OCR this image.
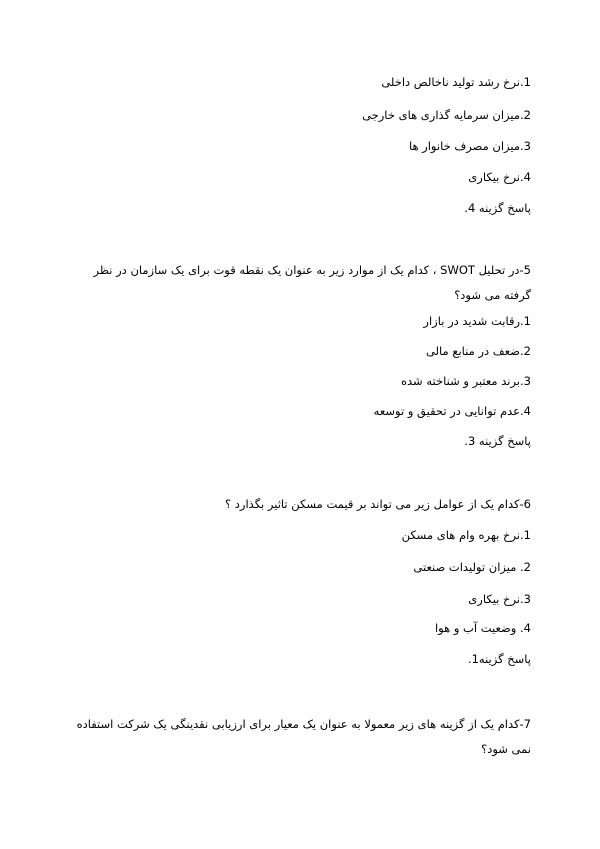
1.نرخ رشد تولید ناخالص داخلی
2.میزان سرمایه گذاری های خارجی
3.میزان مصرف خانوار ها
4.نرخ بیکاری
پاسخ گزینه 4.
5-در تحلیل SWOT ، کدام یک از موارد زیر به عنوان یک نقطه قوت برای یک سازمان در نظر گرفته می شود؟
1.رقابت شدید در بازار
2.ضعف در منابع مالی
3.برند معتبر و شناخته شده
4.عدم توانایی در تحقیق و توسعه
پاسخ گزینه 3.
6-کدام یک از عوامل زیر می تواند بر قیمت مسکن تاثیر بگذارد ؟
1.نرخ بهره وام های مسکن
2. میزان تولیدات صنعتی
3.نرخ بیکاری
4. وضعیت آب و هوا
پاسخ گزینه1.
7-کدام یک از گزینه های زیر معمولا به عنوان یک معیار برای ارزیابی نقدینگی یک شرکت استفاده نمی شود؟
